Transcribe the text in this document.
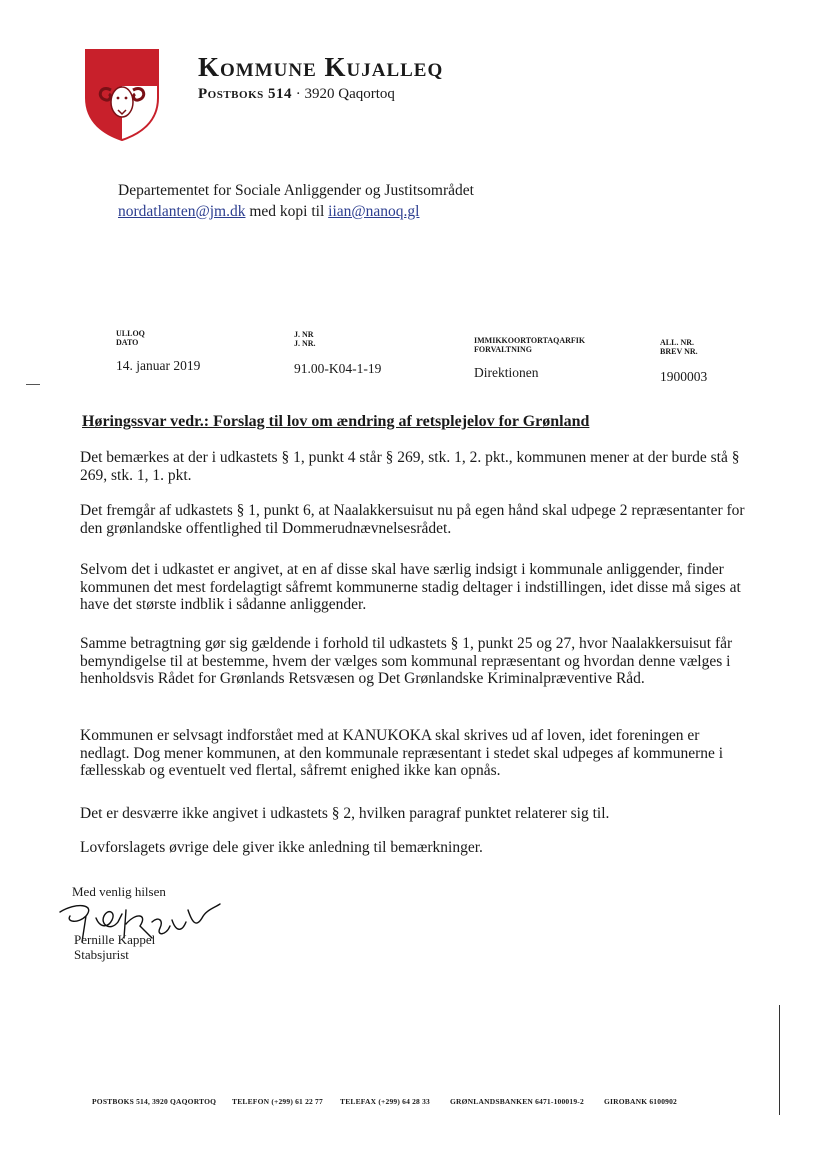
Kommune Kujalleq
Postboks 514 · 3920 Qaqortoq
Departementet for Sociale Anliggender og Justitsområdet
nordatlanten@jm.dk med kopi til iian@nanoq.gl
ULLOQ
DATO
14. januar 2019
J. NR
J. NR.
91.00-K04-1-19
IMMIKKOORTORTAQARFIK
FORVALTNING
Direktionen
ALL. NR.
BREV NR.
1900003
Høringssvar vedr.: Forslag til lov om ændring af retsplejelov for Grønland
Det bemærkes at der i udkastets § 1, punkt 4 står § 269, stk. 1, 2. pkt., kommunen mener at der burde stå § 269, stk. 1, 1. pkt.
Det fremgår af udkastets § 1, punkt 6, at Naalakkersuisut nu på egen hånd skal udpege 2 repræsentanter for den grønlandske offentlighed til Dommerudnævnelsesrådet.
Selvom det i udkastet er angivet, at en af disse skal have særlig indsigt i kommunale anliggender, finder kommunen det mest fordelagtigt såfremt kommunerne stadig deltager i indstillingen, idet disse må siges at have det største indblik i sådanne anliggender.
Samme betragtning gør sig gældende i forhold til udkastets § 1, punkt 25 og 27, hvor Naalakkersuisut får bemyndigelse til at bestemme, hvem der vælges som kommunal repræsentant og hvordan denne vælges i henholdsvis Rådet for Grønlands Retsvæsen og Det Grønlandske Kriminalpræventive Råd.
Kommunen er selvsagt indforstået med at KANUKOKA skal skrives ud af loven, idet foreningen er nedlagt. Dog mener kommunen, at den kommunale repræsentant i stedet skal udpeges af kommunerne i fællesskab og eventuelt ved flertal, såfremt enighed ikke kan opnås.
Det er desværre ikke angivet i udkastets § 2, hvilken paragraf punktet relaterer sig til.
Lovforslagets øvrige dele giver ikke anledning til bemærkninger.
Med venlig hilsen
Pernille Kappel
Stabsjurist
POSTBOKS 514, 3920 QAQORTOQ TELEFON (+299) 61 22 77 TELEFAX (+299) 64 28 33	GRØNLANDSBANKEN 6471-100019-2	GIROBANK 6100902
